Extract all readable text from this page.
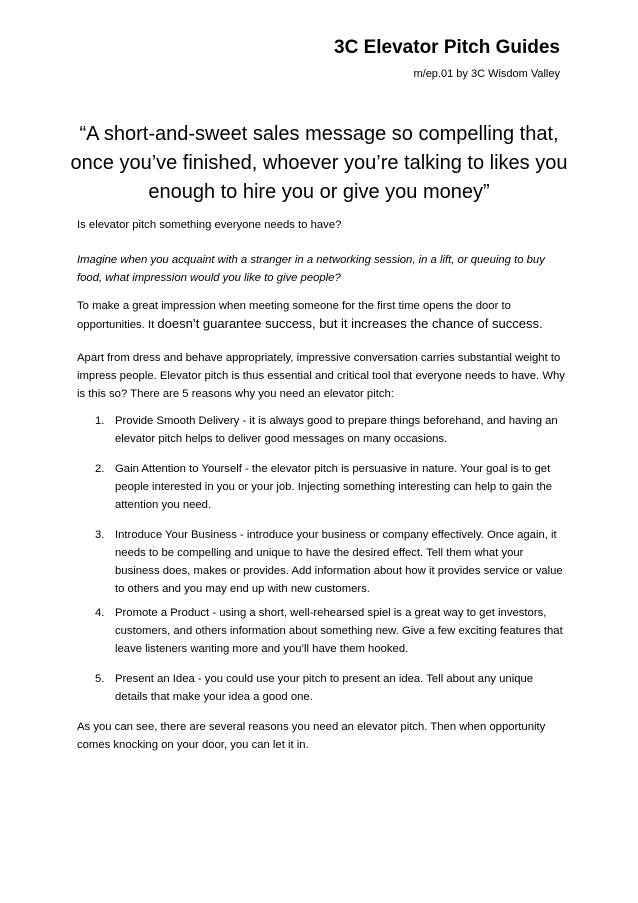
3C Elevator Pitch Guides
m/ep.01 by 3C Wisdom Valley
“A short-and-sweet sales message so compelling that, once you’ve finished, whoever you’re talking to likes you enough to hire you or give you money”

Is elevator pitch something everyone needs to have?

Imagine when you acquaint with a stranger in a networking session, in a lift, or queuing to buy food, what impression would you like to give people?

To make a great impression when meeting someone for the first time opens the door to opportunities. It doesn’t guarantee success, but it increases the chance of success.

Apart from dress and behave appropriately, impressive conversation carries substantial weight to impress people. Elevator pitch is thus essential and critical tool that everyone needs to have. Why is this so? There are 5 reasons why you need an elevator pitch:

1. Provide Smooth Delivery - it is always good to prepare things beforehand, and having an elevator pitch helps to deliver good messages on many occasions.
2. Gain Attention to Yourself - the elevator pitch is persuasive in nature. Your goal is to get people interested in you or your job. Injecting something interesting can help to gain the attention you need.
3. Introduce Your Business - introduce your business or company effectively. Once again, it needs to be compelling and unique to have the desired effect. Tell them what your business does, makes or provides. Add information about how it provides service or value to others and you may end up with new customers.
4. Promote a Product - using a short, well-rehearsed spiel is a great way to get investors, customers, and others information about something new. Give a few exciting features that leave listeners wanting more and you’ll have them hooked.
5. Present an Idea - you could use your pitch to present an idea. Tell about any unique details that make your idea a good one.

As you can see, there are several reasons you need an elevator pitch. Then when opportunity comes knocking on your door, you can let it in.
